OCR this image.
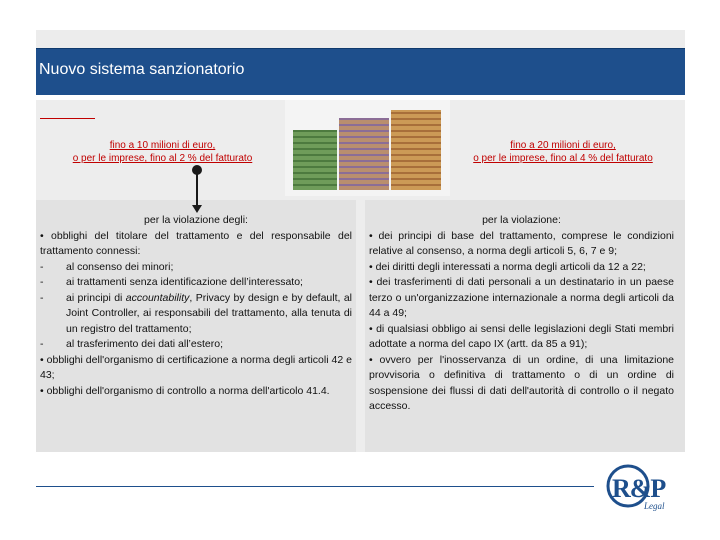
Nuovo sistema sanzionatorio
fino a 10 milioni di euro,
o per le imprese, fino al 2 % del fatturato
fino a 20 milioni di euro,
o per le imprese, fino al 4 % del fatturato
per la violazione degli:
• obblighi del titolare del trattamento e del responsabile del trattamento connessi:
-	al consenso dei minori;
-	ai trattamenti senza identificazione dell’interessato;
-	ai principi di accountability, Privacy by design e by default, al Joint Controller, ai responsabili del trattamento, alla tenuta di un registro del trattamento;
-	al trasferimento dei dati all’estero;
• obblighi dell'organismo di certificazione a norma degli articoli 42 e 43;
• obblighi dell'organismo di controllo a norma dell'articolo 41.4.
per la violazione:
• dei principi di base del trattamento, comprese le condizioni relative al consenso, a norma degli articoli 5, 6, 7 e 9;
• dei diritti degli interessati a norma degli articoli da 12 a 22;
• dei trasferimenti di dati personali a un destinatario in un paese terzo o un'organizzazione internazionale a norma degli articoli da 44 a 49;
• di qualsiasi obbligo ai sensi delle legislazioni degli Stati membri adottate a norma del capo IX (artt. da 85 a 91);
• ovvero per l'inosservanza di un ordine, di una limitazione provvisoria o definitiva di trattamento o di un ordine di sospensione dei flussi di dati dell'autorità di controllo o il negato accesso.
R&P
Legal
